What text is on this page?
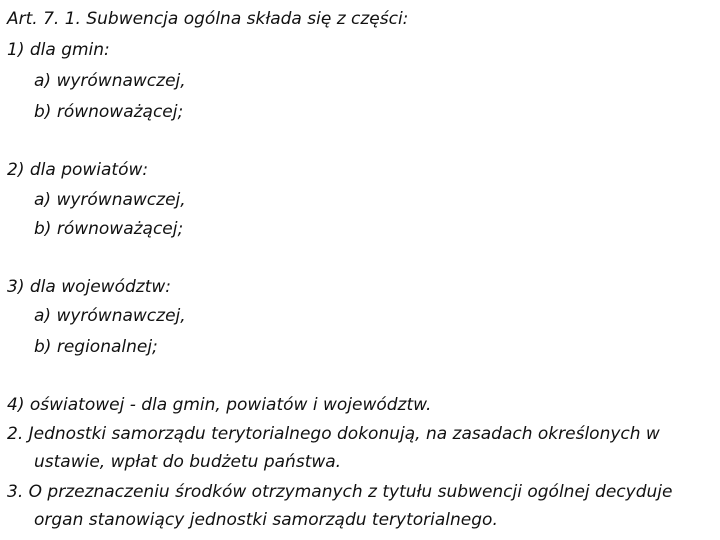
Art. 7. 1. Subwencja ogólna składa się z części:
1) dla gmin:
a) wyrównawczej,
b) równoważącej;
2) dla powiatów:
a) wyrównawczej,
b) równoważącej;
3) dla województw:
a) wyrównawczej,
b) regionalnej;
4) oświatowej - dla gmin, powiatów i województw.
2. Jednostki samorządu terytorialnego dokonują, na zasadach określonych w
ustawie, wpłat do budżetu państwa.
3. O przeznaczeniu środków otrzymanych z tytułu subwencji ogólnej decyduje
organ stanowiący jednostki samorządu terytorialnego.
